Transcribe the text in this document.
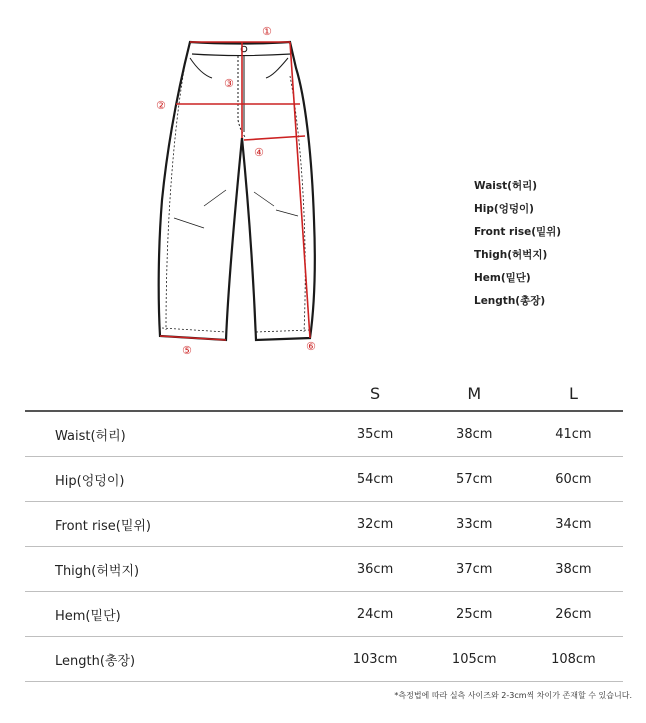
①
②
③
④
⑤	⑥
Waist(허리)
Hip(엉덩이)
Front rise(밑위)
Thigh(허벅지)
Hem(밑단)
Length(총장)
	S	M	L
Waist(허리)	35cm	38cm	41cm
Hip(엉덩이)	54cm	57cm	60cm
Front rise(밑위)	32cm	33cm	34cm
Thigh(허벅지)	36cm	37cm	38cm
Hem(밑단)	24cm	25cm	26cm
Length(총장)	103cm	105cm	108cm
*측정법에 따라 실측 사이즈와 2-3cm씩 차이가 존재할 수 있습니다.
